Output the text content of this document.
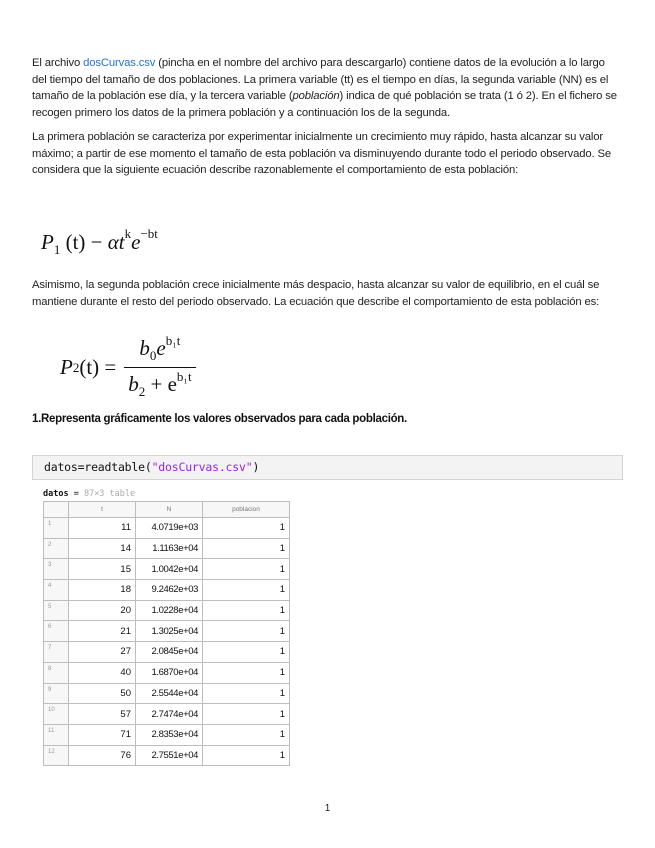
El archivo dosCurvas.csv (pincha en el nombre del archivo para descargarlo) contiene datos de la evolución a lo largo del tiempo del tamaño de dos poblaciones. La primera variable (tt) es el tiempo en días, la segunda variable (NN) es el tamaño de la población ese día, y la tercera variable (población) indica de qué población se trata (1 ó 2). En el fichero se recogen primero los datos de la primera población y a continuación los de la segunda.

La primera población se caracteriza por experimentar inicialmente un crecimiento muy rápido, hasta alcanzar su valor máximo; a partir de ese momento el tamaño de esta población va disminuyendo durante todo el periodo observado. Se considera que la siguiente ecuación describe razonablemente el comportamiento de esta población:

$P_1$ $(t) - \alpha t^ke^{-bt}$

Asimismo, la segunda población crece inicialmente más despacio, hasta alcanzar su valor de equilibrio, en el cuál se mantiene durante el resto del periodo observado. La ecuación que describe el comportamiento de esta población es:

P 2 $(t) = \frac{b_0e^{b_1t}}{b_2 + e^{b_1t}}$
1.Representa gráficamente los valores observados para cada población.
datos=readtable("dosCurvas.csv")
datos = 87×3 table
	t	N	poblacion
1	11	4.0719e+03	1
2	14	1.1163e+04	1
3	15	1.0042e+04	1
4	18	9.2462e+03	1
5	20	1.0228e+04	1
6	21	1.3025e+04	1
7	27	2.0845e+04	1
8	40	1.6870e+04	1
9	50	2.5544e+04	1
10	57	2.7474e+04	1
11	71	2.8353e+04	1
12	76	2.7551e+04	1
1
